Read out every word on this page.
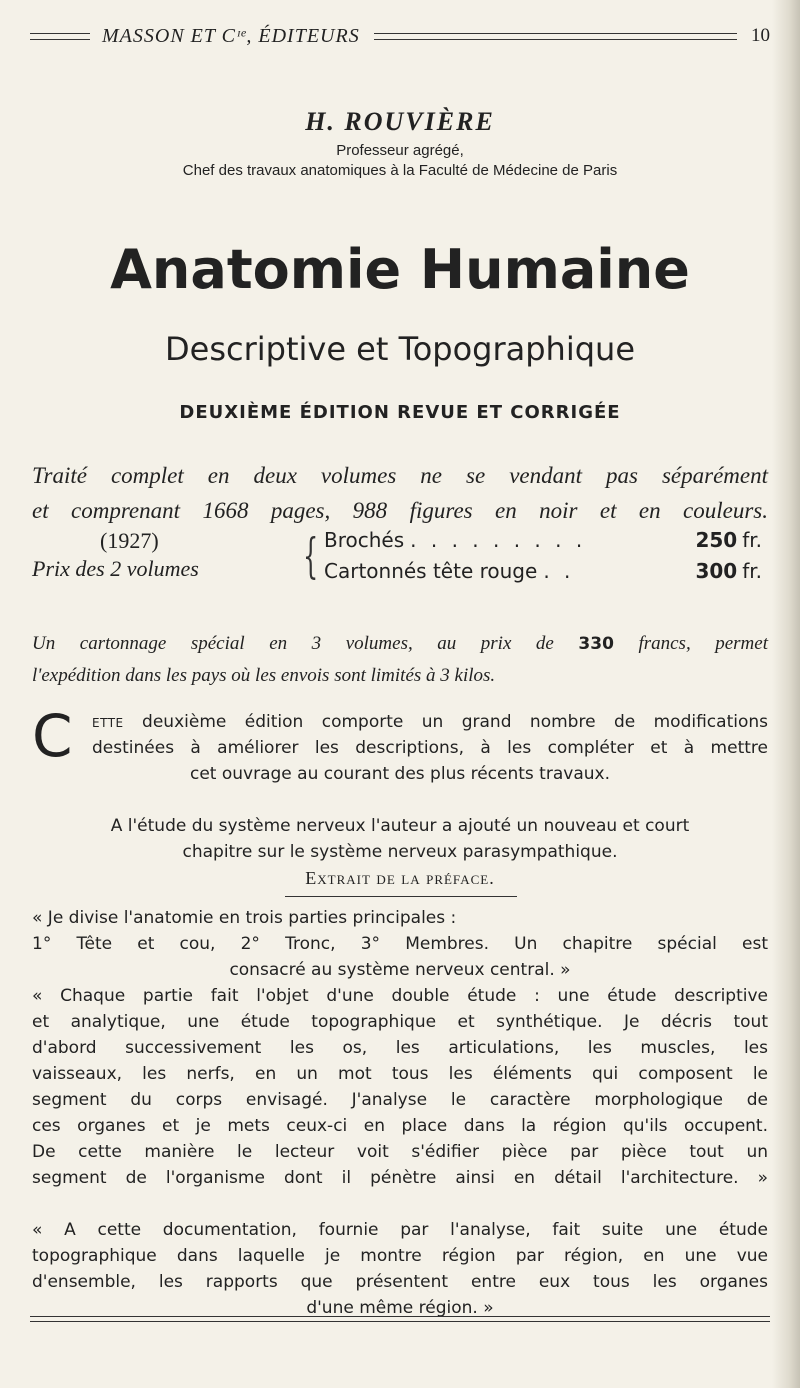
MASSON ET Cᶦᵉ, ÉDITEURS	10
H. ROUVIÈRE
Professeur agrégé,
Chef des travaux anatomiques à la Faculté de Médecine de Paris
Anatomie Humaine
Descriptive et Topographique
DEUXIÈME ÉDITION REVUE ET CORRIGÉE
Traité complet en deux volumes ne se vendant pas séparément
et comprenant 1668 pages, 988 figures en noir et en couleurs.
(1927)
Prix des 2 volumes { Brochés . . . . . . . . .	250 fr.
Cartonnés tête rouge . .	300 fr.
Un cartonnage spécial en 3 volumes, au prix de 330 francs, permet
l'expédition dans les pays où les envois sont limités à 3 kilos.
C ette deuxième édition comporte un grand nombre de modifications
destinées à améliorer les descriptions, à les compléter et à mettre
cet ouvrage au courant des plus récents travaux.
A l'étude du système nerveux l'auteur a ajouté un nouveau et court
chapitre sur le système nerveux parasympathique.
Extrait de la préface.
« Je divise l'anatomie en trois parties principales :
1° Tête et cou, 2° Tronc, 3° Membres. Un chapitre spécial est
consacré au système nerveux central. »
« Chaque partie fait l'objet d'une double étude : une étude descriptive
et analytique, une étude topographique et synthétique. Je décris tout
d'abord successivement les os, les articulations, les muscles, les
vaisseaux, les nerfs, en un mot tous les éléments qui composent le
segment du corps envisagé. J'analyse le caractère morphologique de
ces organes et je mets ceux-ci en place dans la région qu'ils occupent.
De cette manière le lecteur voit s'édifier pièce par pièce tout un
segment de l'organisme dont il pénètre ainsi en détail l'architecture. »
« A cette documentation, fournie par l'analyse, fait suite une étude
topographique dans laquelle je montre région par région, en une vue
d'ensemble, les rapports que présentent entre eux tous les organes
d'une même région. »
